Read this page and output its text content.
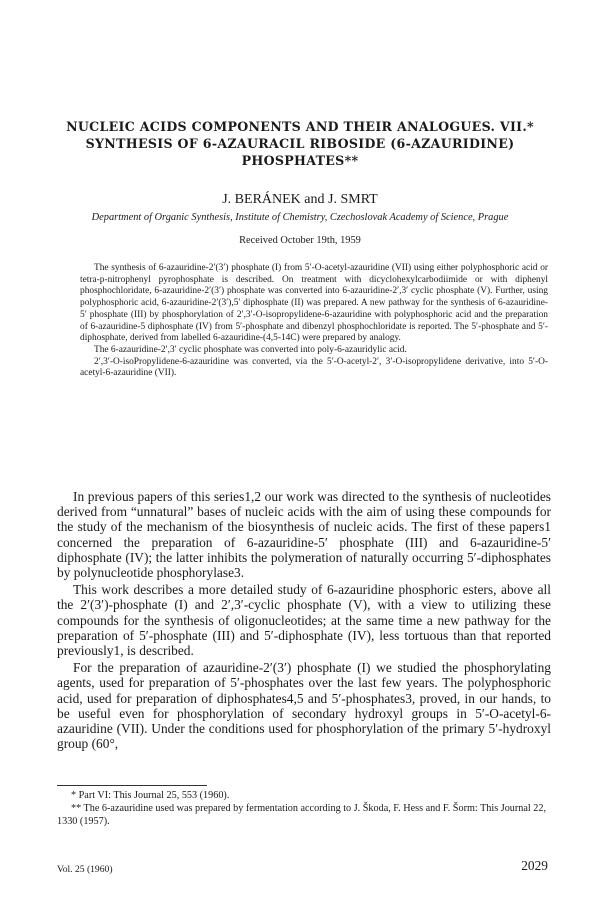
NUCLEIC ACIDS COMPONENTS AND THEIR ANALOGUES. VII.*
SYNTHESIS OF 6-AZAURACIL RIBOSIDE (6-AZAURIDINE)
PHOSPHATES**
J. BERÁNEK and J. SMRT
Department of Organic Synthesis, Institute of Chemistry, Czechoslovak Academy of Science, Prague
Received October 19th, 1959

The synthesis of 6-azauridine-2′(3′) phosphate (I) from 5′-O-acetyl-azauridine (VII) using either polyphosphoric acid or tetra-p-nitrophenyl pyrophosphate is described. On treatment with dicyclohexylcarbodiimide or with diphenyl phosphochloridate, 6-azauridine-2′(3′) phosphate was converted into 6-azauridine-2′,3′ cyclic phosphate (V). Further, using polyphosphoric acid, 6-azauridine-2′(3′),5′ diphosphate (II) was prepared. A new pathway for the synthesis of 6-azauridine-5′ phosphate (III) by phosphorylation of 2′,3′-O-isopropylidene-6-azauridine with polyphosphoric acid and the preparation of 6-azauridine-5 diphosphate (IV) from 5′-phosphate and dibenzyl phosphochloridate is reported. The 5′-phosphate and 5′-diphosphate, derived from labelled 6-azauridine-(4,5-14C) were prepared by analogy.

The 6-azauridine-2′,3′ cyclic phosphate was converted into poly-6-azauridylic acid.

2′,3′-O-isoPropylidene-6-azauridine was converted, via the 5′-O-acetyl-2′, 3′-O-isopropylidene derivative, into 5′-O-acetyl-6-azauridine (VII).

In previous papers of this series1,2 our work was directed to the synthesis of nucleotides derived from “unnatural” bases of nucleic acids with the aim of using these compounds for the study of the mechanism of the biosynthesis of nucleic acids. The first of these papers1 concerned the preparation of 6-azauridine-5′ phosphate (III) and 6-azauridine-5′ diphosphate (IV); the latter inhibits the polymeration of naturally occurring 5′-diphosphates by polynucleotide phosphorylase3.

This work describes a more detailed study of 6-azauridine phosphoric esters, above all the 2′(3′)-phosphate (I) and 2′,3′-cyclic phosphate (V), with a view to utilizing these compounds for the synthesis of oligonucleotides; at the same time a new pathway for the preparation of 5′-phosphate (III) and 5′-diphosphate (IV), less tortuous than that reported previously1, is described.

For the preparation of azauridine-2′(3′) phosphate (I) we studied the phosphorylating agents, used for preparation of 5′-phosphates over the last few years. The polyphosphoric acid, used for preparation of diphosphates4,5 and 5′-phosphates3, proved, in our hands, to be useful even for phosphorylation of secondary hydroxyl groups in 5′-O-acetyl-6-azauridine (VII). Under the conditions used for phosphorylation of the primary 5′-hydroxyl group (60°,

* Part VI: This Journal 25, 553 (1960).

** The 6-azauridine used was prepared by fermentation according to J. Škoda, F. Hess and F. Šorm: This Journal 22, 1330 (1957).

Vol. 25 (1960)	2029
